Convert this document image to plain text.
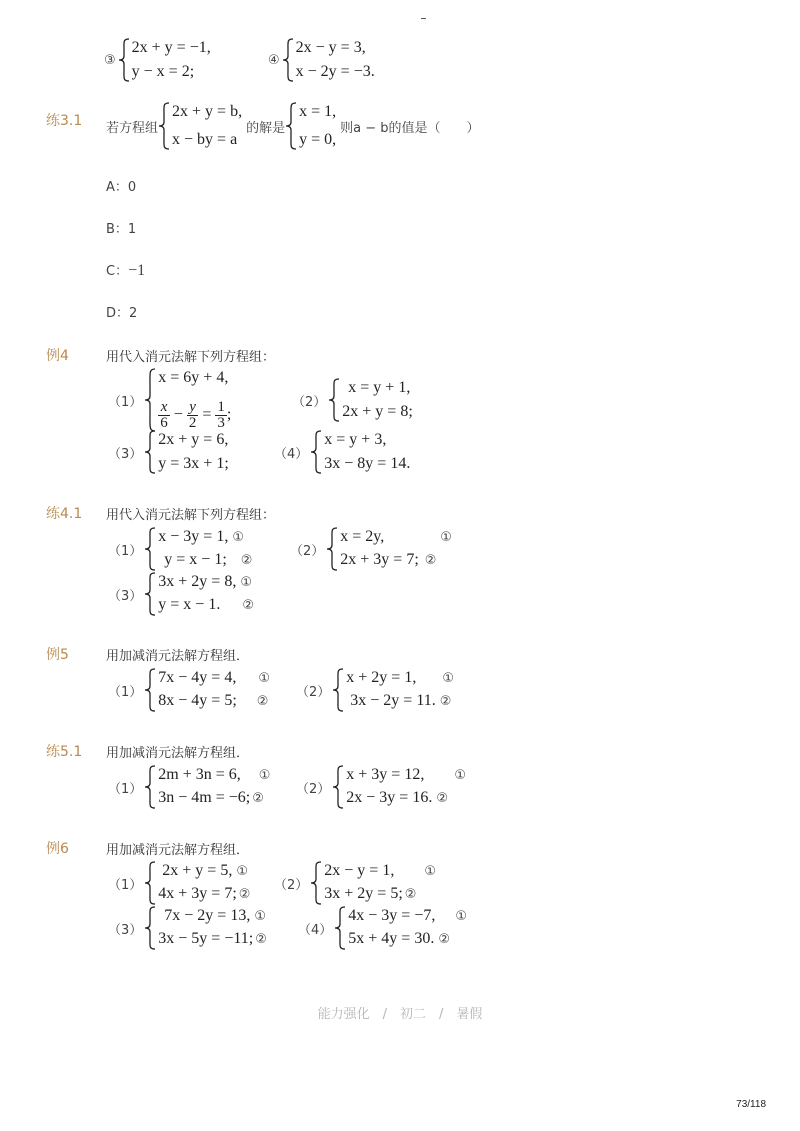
③
2x + y = −1,
y − x = 2;
④
2x − y = 3,
x − 2y = −3.
练3.1 若方程组
2x + y = b,
x − by = a
的解是
x = 1,
y = 0,
则a − b的值是（　　）
A：0
B：1
C：−1
D：2
例4	用代入消元法解下列方程组：
（1）
x = 6y + 4,
$\frac{x}{6} - \frac{y}{2} = \frac{1}{3}$ ;
（2）
x = y + 1,
2x + y = 8;
（3）
2x + y = 6,
y = 3x + 1;
（4）
x = y + 3,
3x − 8y = 14.
练4.1 用代入消元法解下列方程组：
（1）
x − 3y = 1, ①
y = x − 1; ②
（2）
x = 2y,	①
2x + 3y = 7; ②
（3）
3x + 2y = 8, ①
y = x − 1. ②
例5	用加减消元法解方程组．
（1）
7x − 4y = 4, ①
8x − 4y = 5; ②
（2）
x + 2y = 1, ①
3x − 2y = 11. ②
练5.1 用加减消元法解方程组．
（1）
2m + 3n = 6, ①
3n − 4m = −6; ②
（2）
x + 3y = 12, ①
2x − 3y = 16. ②
例6	用加减消元法解方程组．
（1）
2x + y = 5, ①
4x + 3y = 7; ②
（2）
2x − y = 1, ①
3x + 2y = 5; ②
（3）
7x − 2y = 13, ①
3x − 5y = −11; ②
（4）
4x − 3y = −7, ①
5x + 4y = 30. ②
能力强化　/　初二　/　暑假
73/118
